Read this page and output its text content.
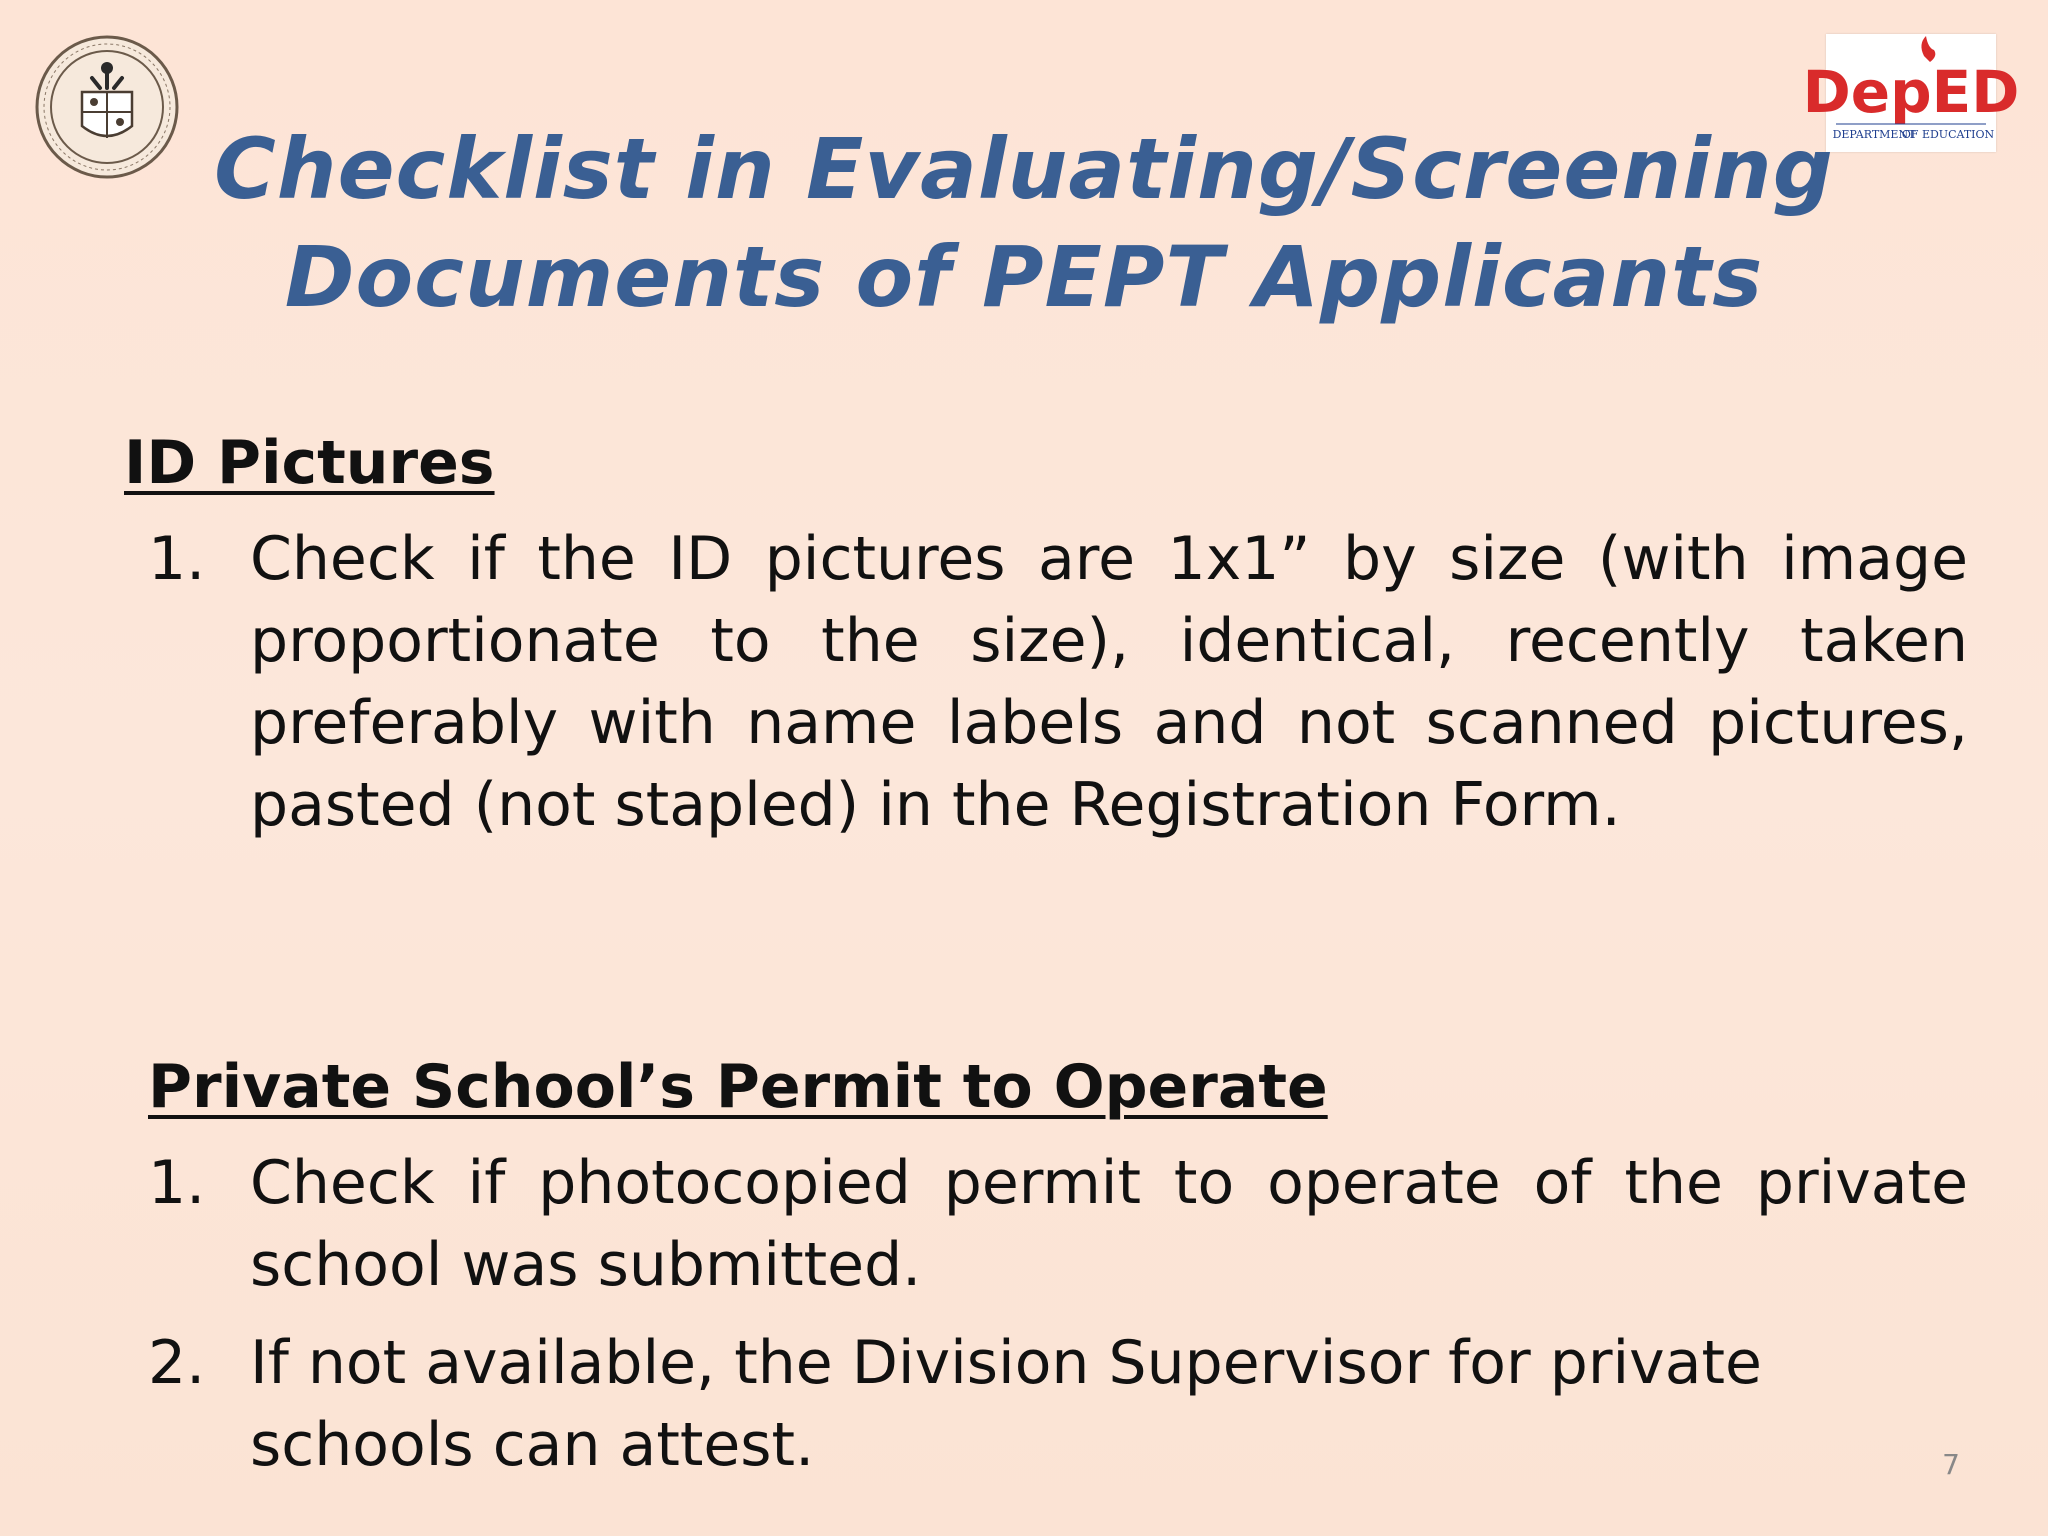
DepED
DEPARTMENT
OF EDUCATION
Checklist in Evaluating/Screening
Documents of PEPT Applicants
ID Pictures
1. Check if the ID pictures are 1x1” by size (with image proportionate to the size), identical, recently taken preferably with name labels and not scanned pictures, pasted (not stapled) in the Registration Form.
Private School’s Permit to Operate
1. Check if photocopied permit to operate of the private school was submitted.
2. If not available, the Division Supervisor for private schools can attest.	7
